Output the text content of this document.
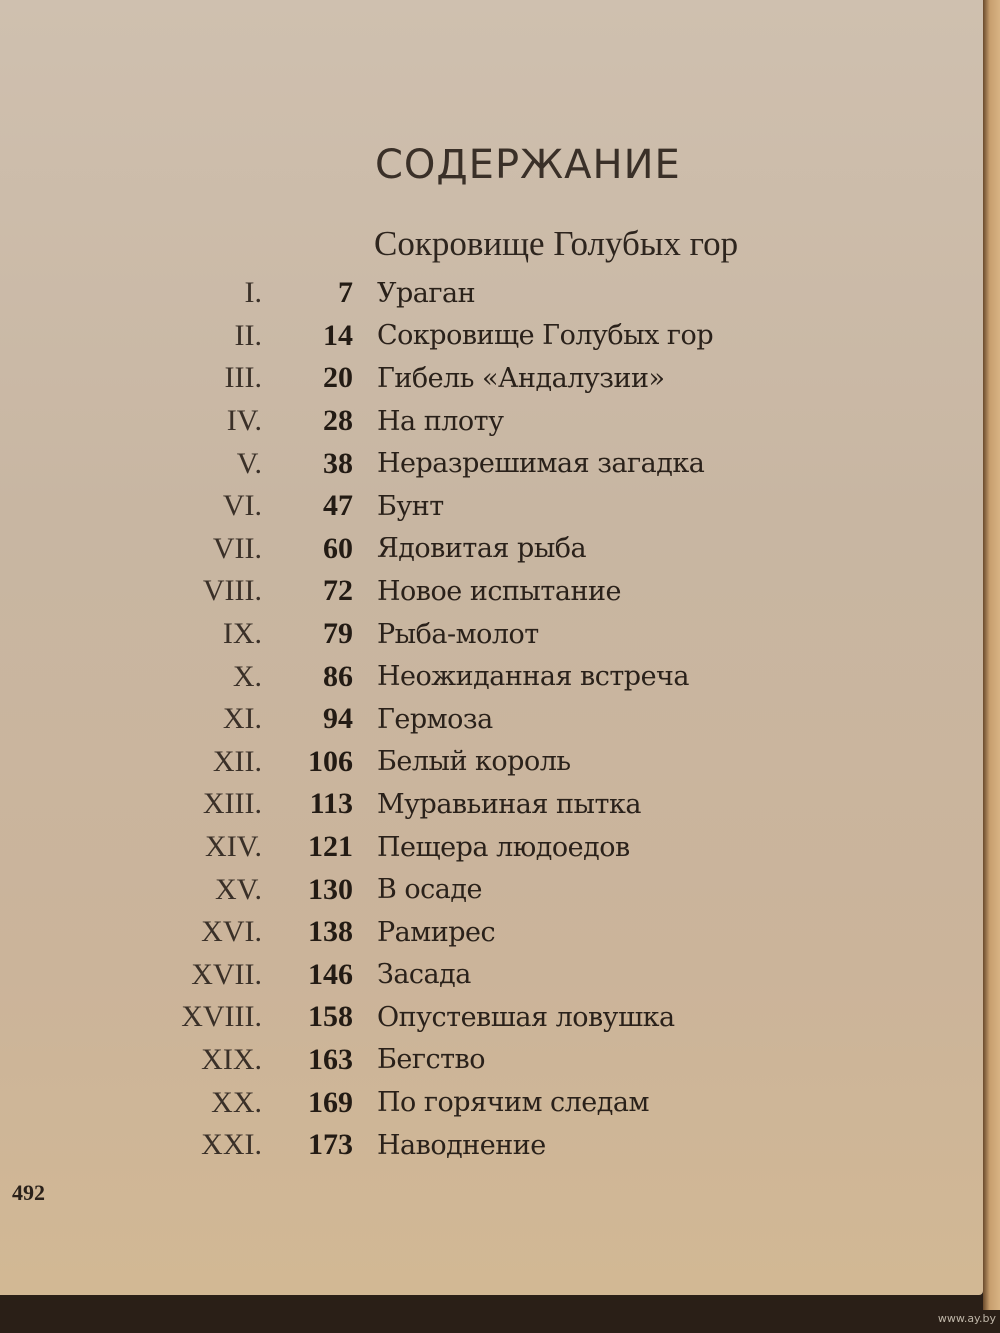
СОДЕРЖАНИЕ
Сокровище Голубых гор
I.	7 Ураган
II.	14 Сокровище Голубых гор
III.	20 Гибель «Андалузии»
IV.	28 На плоту
V.	38 Неразрешимая загадка
VI.	47 Бунт
VII.	60 Ядовитая рыба
VIII.	72 Новое испытание
IX.	79 Рыба-молот
X.	86 Неожиданная встреча
XI.	94 Гермоза
XII.	106 Белый король
XIII.	113 Муравьиная пытка
XIV.	121 Пещера людоедов
XV.	130 В осаде
XVI.	138 Рамирес
XVII.	146 Засада
XVIII.	158 Опустевшая ловушка
XIX.	163 Бегство
XX.	169 По горячим следам
XXI.	173 Наводнение
492
www.ay.by
